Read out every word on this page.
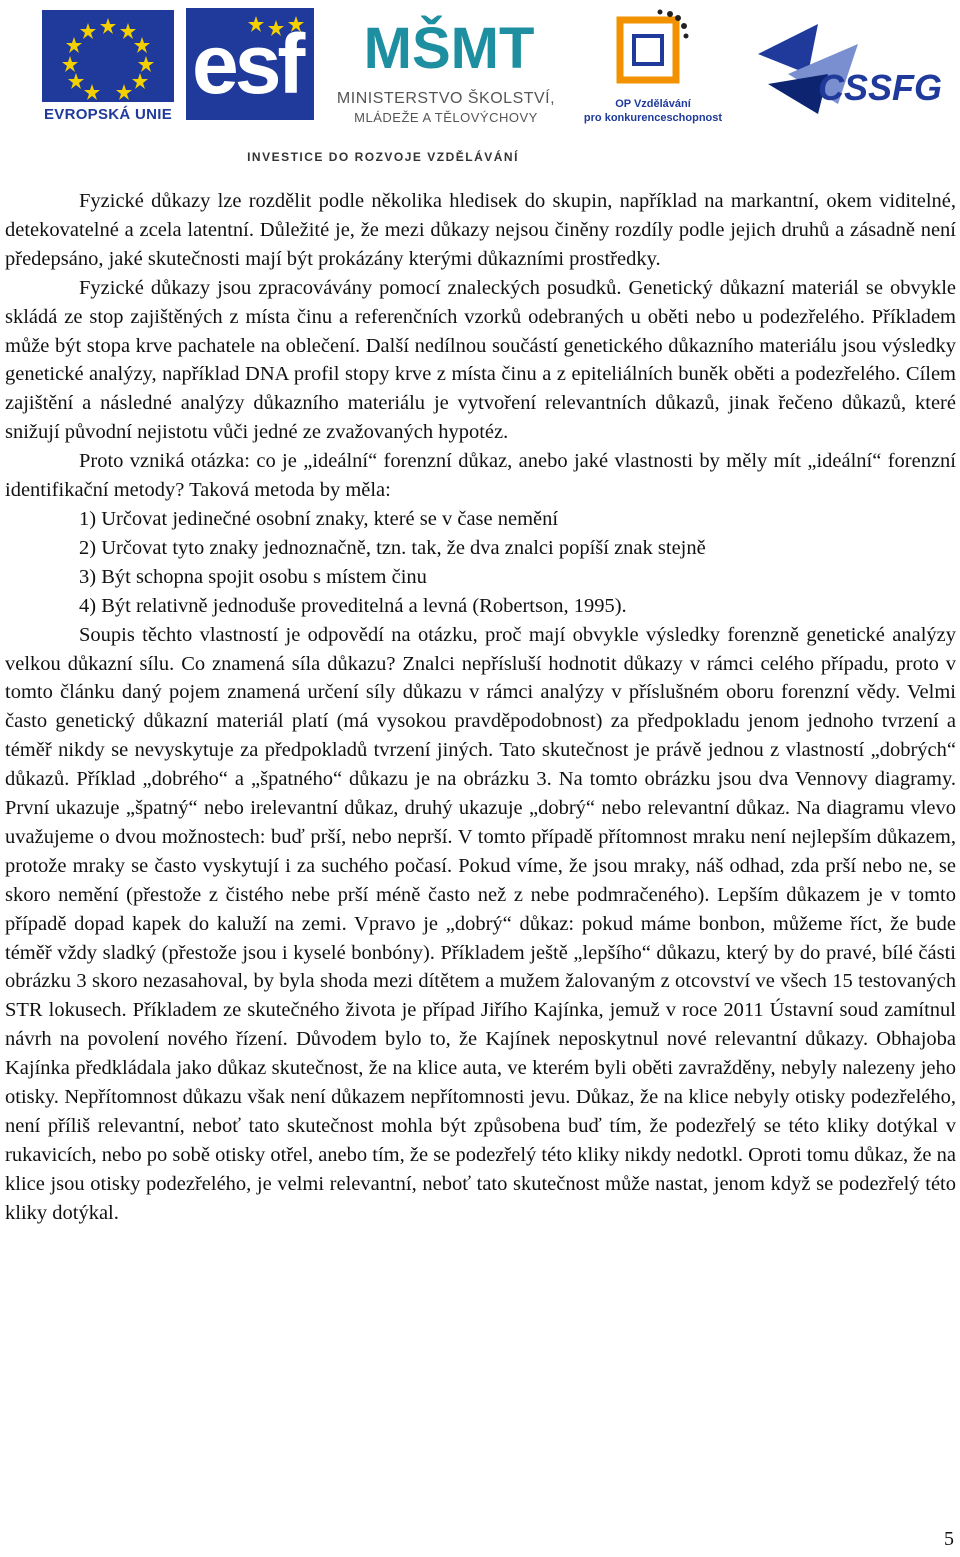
EVROPSKÁ UNIE
esf MŠMT
MINISTERSTVO ŠKOLSTVÍ,
MLÁDEŽE A TĚLOVÝCHOVY
OP Vzdělávání
pro konkurenceschopnost
CSSFG
INVESTICE DO ROZVOJE VZDĚLÁVÁNÍ

Fyzické důkazy lze rozdělit podle několika hledisek do skupin, například na markantní, okem viditelné, detekovatelné a zcela latentní. Důležité je, že mezi důkazy nejsou činěny rozdíly podle jejich druhů a zásadně není předepsáno, jaké skutečnosti mají být prokázány kterými důkazními prostředky.

Fyzické důkazy jsou zpracovávány pomocí znaleckých posudků. Genetický důkazní materiál se obvykle skládá ze stop zajištěných z místa činu a referenčních vzorků odebraných u oběti nebo u podezřelého. Příkladem může být stopa krve pachatele na oblečení. Další nedílnou součástí genetického důkazního materiálu jsou výsledky genetické analýzy, například DNA profil stopy krve z místa činu a z epiteliálních buněk oběti a podezřelého. Cílem zajištění a následné analýzy důkazního materiálu je vytvoření relevantních důkazů, jinak řečeno důkazů, které snižují původní nejistotu vůči jedné ze zvažovaných hypotéz.

Proto vzniká otázka: co je „ideální“ forenzní důkaz, anebo jaké vlastnosti by měly mít „ideální“ forenzní identifikační metody? Taková metoda by měla:

1) Určovat jedinečné osobní znaky, které se v čase nemění

2) Určovat tyto znaky jednoznačně, tzn. tak, že dva znalci popíší znak stejně

3) Být schopna spojit osobu s místem činu

4) Být relativně jednoduše proveditelná a levná (Robertson, 1995).

Soupis těchto vlastností je odpovědí na otázku, proč mají obvykle výsledky forenzně genetické analýzy velkou důkazní sílu. Co znamená síla důkazu? Znalci nepřísluší hodnotit důkazy v rámci celého případu, proto v tomto článku daný pojem znamená určení síly důkazu v rámci analýzy v příslušném oboru forenzní vědy. Velmi často genetický důkazní materiál platí (má vysokou pravděpodobnost) za předpokladu jenom jednoho tvrzení a téměř nikdy se nevyskytuje za předpokladů tvrzení jiných. Tato skutečnost je právě jednou z vlastností „dobrých“ důkazů. Příklad „dobrého“ a „špatného“ důkazu je na obrázku 3. Na tomto obrázku jsou dva Vennovy diagramy. První ukazuje „špatný“ nebo irelevantní důkaz, druhý ukazuje „dobrý“ nebo relevantní důkaz. Na diagramu vlevo uvažujeme o dvou možnostech: buď prší, nebo neprší. V tomto případě přítomnost mraku není nejlepším důkazem, protože mraky se často vyskytují i za suchého počasí. Pokud víme, že jsou mraky, náš odhad, zda prší nebo ne, se skoro nemění (přestože z čistého nebe prší méně často než z nebe podmračeného). Lepším důkazem je v tomto případě dopad kapek do kaluží na zemi. Vpravo je „dobrý“ důkaz: pokud máme bonbon, můžeme říct, že bude téměř vždy sladký (přestože jsou i kyselé bonbóny). Příkladem ještě „lepšího“ důkazu, který by do pravé, bílé části obrázku 3 skoro nezasahoval, by byla shoda mezi dítětem a mužem žalovaným z otcovství ve všech 15 testovaných STR lokusech. Příkladem ze skutečného života je případ Jiřího Kajínka, jemuž v roce 2011 Ústavní soud zamítnul návrh na povolení nového řízení. Důvodem bylo to, že Kajínek neposkytnul nové relevantní důkazy. Obhajoba Kajínka předkládala jako důkaz skutečnost, že na klice auta, ve kterém byli oběti zavražděny, nebyly nalezeny jeho otisky. Nepřítomnost důkazu však není důkazem nepřítomnosti jevu. Důkaz, že na klice nebyly otisky podezřelého, není příliš relevantní, neboť tato skutečnost mohla být způsobena buď tím, že podezřelý se této kliky dotýkal v rukavicích, nebo po sobě otisky otřel, anebo tím, že se podezřelý této kliky nikdy nedotkl. Oproti tomu důkaz, že na klice jsou otisky podezřelého, je velmi relevantní, neboť tato skutečnost může nastat, jenom když se podezřelý této kliky dotýkal.

5
